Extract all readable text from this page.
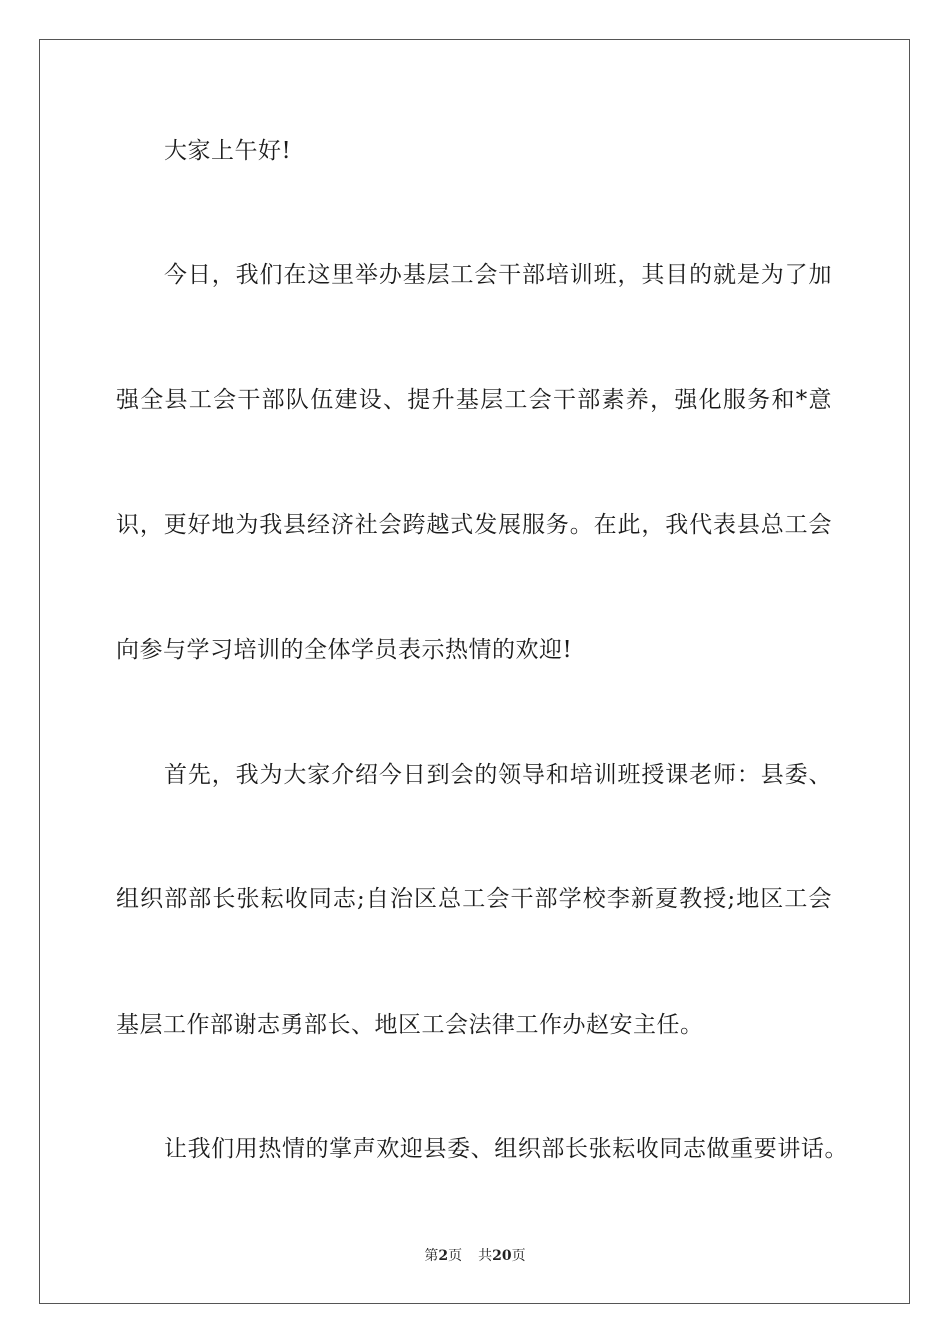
大家上午好!
今日，我们在这里举办基层工会干部培训班，其目的就是为了加
强全县工会干部队伍建设、提升基层工会干部素养，强化服务和*意
识，更好地为我县经济社会跨越式发展服务。在此，我代表县总工会
向参与学习培训的全体学员表示热情的欢迎!
首先，我为大家介绍今日到会的领导和培训班授课老师：县委、
组织部部长张耘收同志;自治区总工会干部学校李新夏教授;地区工会
基层工作部谢志勇部长、地区工会法律工作办赵安主任。
让我们用热情的掌声欢迎县委、组织部长张耘收同志做重要讲话。
第2页 共20页
